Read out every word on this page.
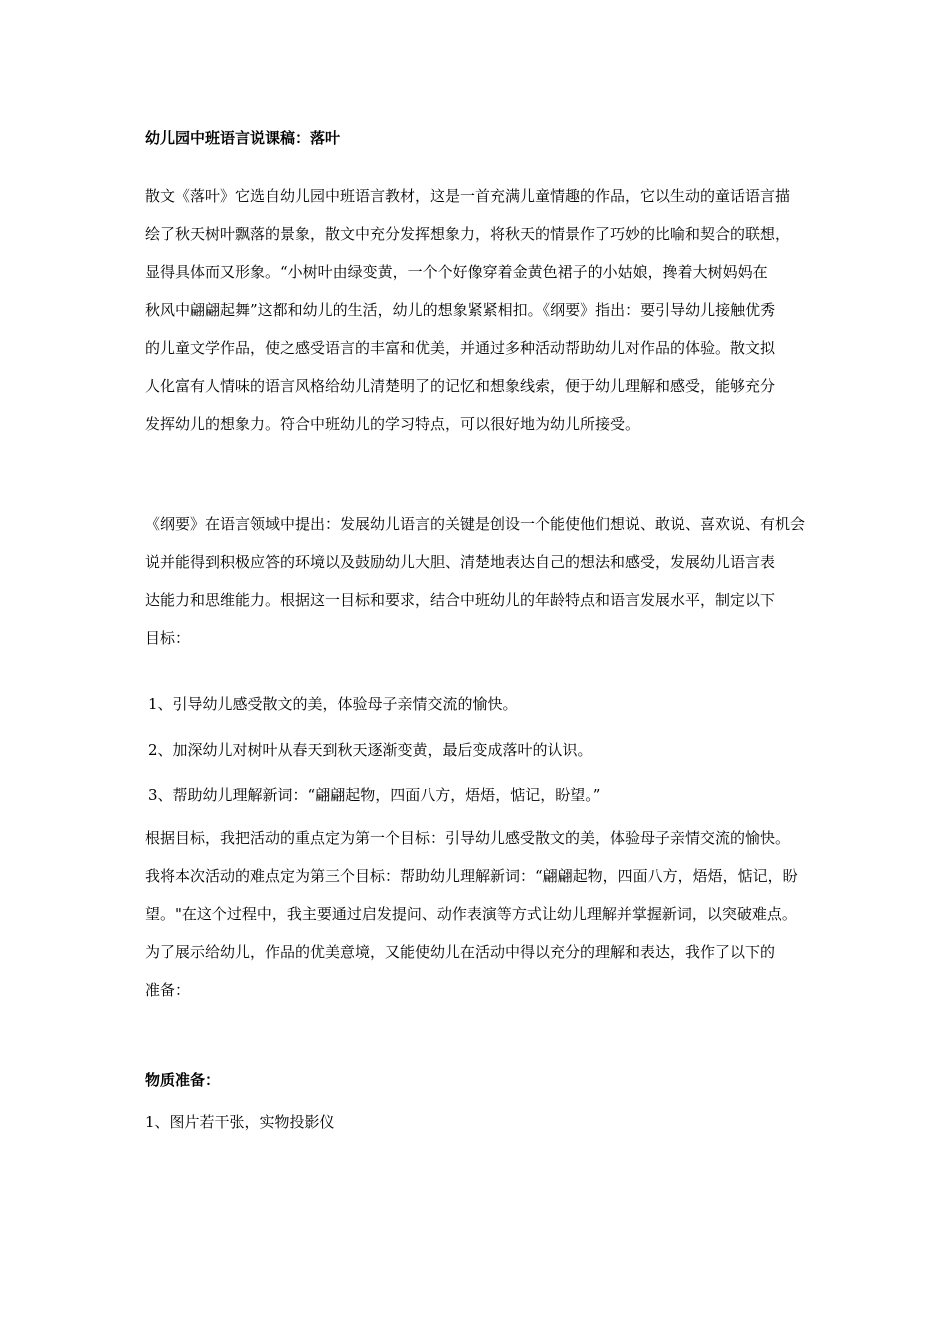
幼儿园中班语言说课稿：落叶
散文《落叶》它选自幼儿园中班语言教材，这是一首充满儿童情趣的作品，它以生动的童话语言描
绘了秋天树叶飘落的景象，散文中充分发挥想象力，将秋天的情景作了巧妙的比喻和契合的联想，
显得具体而又形象。“小树叶由绿变黄，一个个好像穿着金黄色裙子的小姑娘，搀着大树妈妈在
秋风中翩翩起舞”这都和幼儿的生活，幼儿的想象紧紧相扣。《纲要》指出：要引导幼儿接触优秀
的儿童文学作品，使之感受语言的丰富和优美，并通过多种活动帮助幼儿对作品的体验。散文拟
人化富有人情味的语言风格给幼儿清楚明了的记忆和想象线索，便于幼儿理解和感受，能够充分
发挥幼儿的想象力。符合中班幼儿的学习特点，可以很好地为幼儿所接受。
《纲要》在语言领域中提出：发展幼儿语言的关键是创设一个能使他们想说、敢说、喜欢说、有机会
说并能得到积极应答的环境以及鼓励幼儿大胆、清楚地表达自己的想法和感受，发展幼儿语言表
达能力和思维能力。根据这一目标和要求，结合中班幼儿的年龄特点和语言发展水平，制定以下
目标：

1、引导幼儿感受散文的美，体验母子亲情交流的愉快。

2、加深幼儿对树叶从春天到秋天逐渐变黄，最后变成落叶的认识。

3、帮助幼儿理解新词：“翩翩起物，四面八方，焐焐，惦记，盼望。”

根据目标，我把活动的重点定为第一个目标：引导幼儿感受散文的美，体验母子亲情交流的愉快。
我将本次活动的难点定为第三个目标：帮助幼儿理解新词：“翩翩起物，四面八方，焐焐，惦记，盼
望。"在这个过程中，我主要通过启发提问、动作表演等方式让幼儿理解并掌握新词，以突破难点。
为了展示给幼儿，作品的优美意境，又能使幼儿在活动中得以充分的理解和表达，我作了以下的
准备：
物质准备：

1、图片若干张，实物投影仪
